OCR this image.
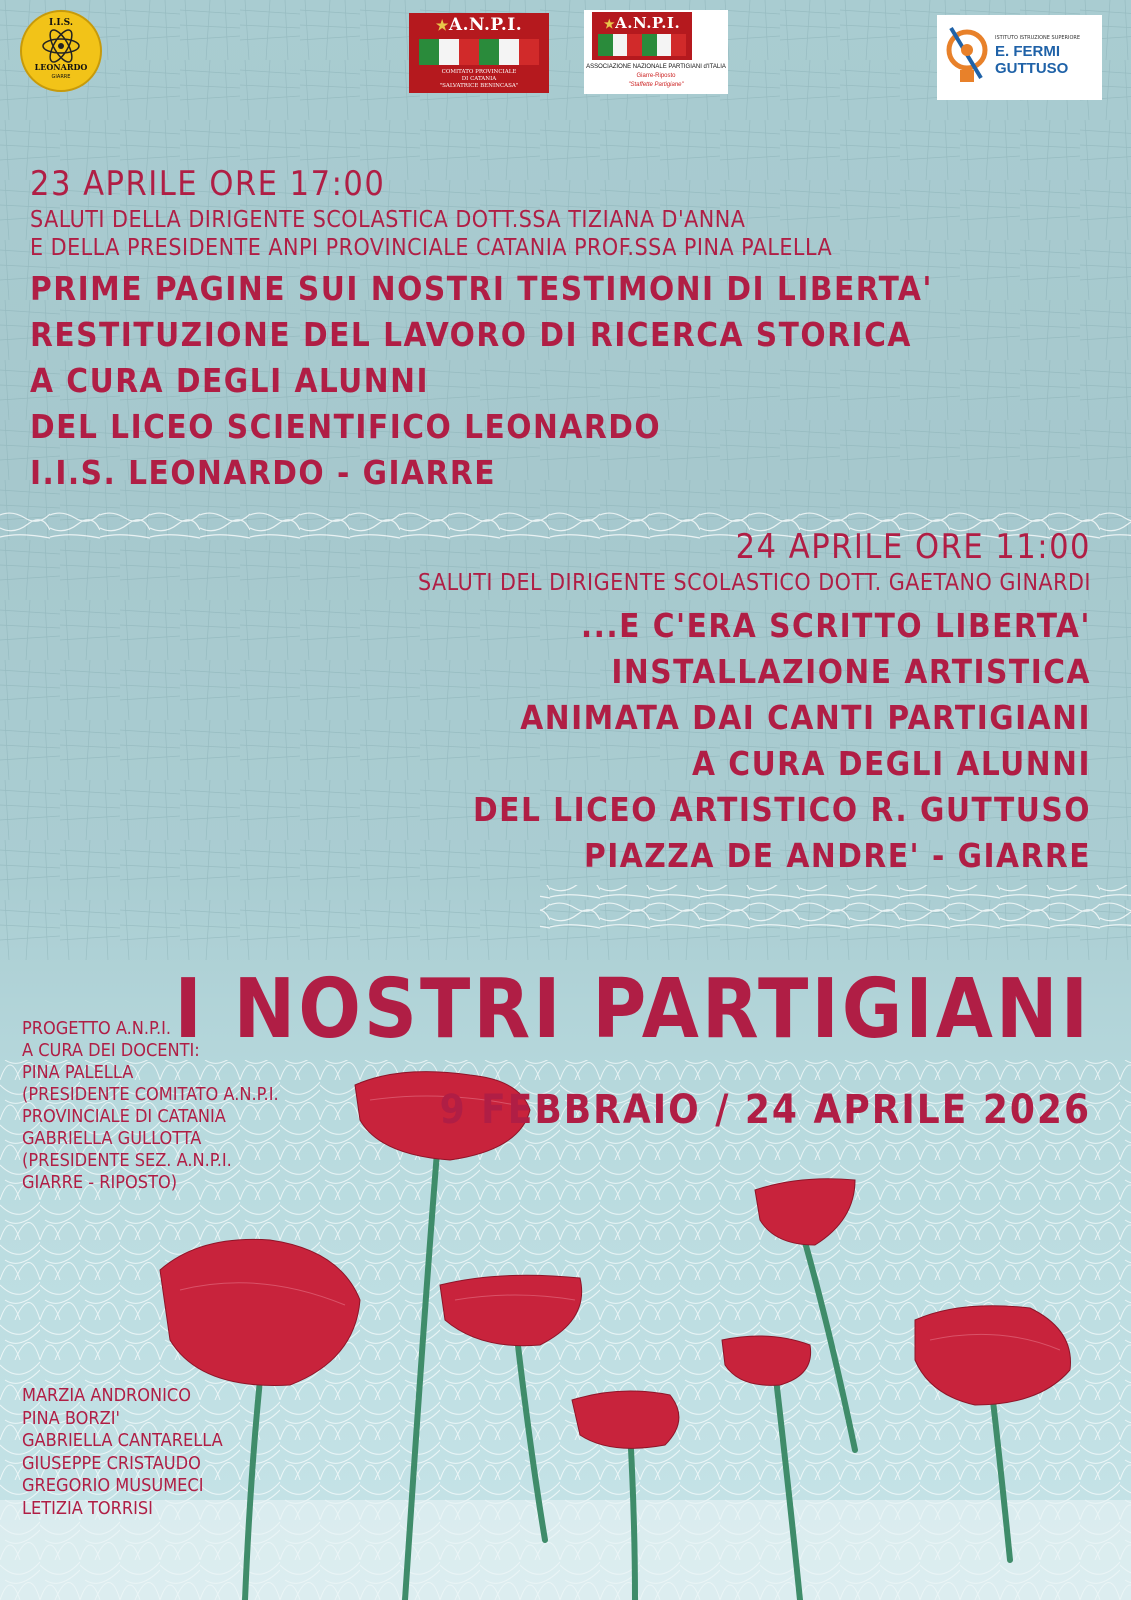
I.I.S.
LEONARDO
GIARRE
★A.N.P.I.
COMITATO PROVINCIALE
DI CATANIA
"SALVATRICE BENINCASA"
★A.N.P.I.
ASSOCIAZIONE NAZIONALE PARTIGIANI d'ITALIA
Giarre-Riposto
"Staffette Partigiane"
ISTITUTO ISTRUZIONE SUPERIORE
E. FERMI
GUTTUSO
23 APRILE ORE 17:00
SALUTI DELLA DIRIGENTE SCOLASTICA DOTT.SSA TIZIANA D'ANNA
E DELLA PRESIDENTE ANPI PROVINCIALE CATANIA PROF.SSA PINA PALELLA
PRIME PAGINE SUI NOSTRI TESTIMONI DI LIBERTA'
RESTITUZIONE DEL LAVORO DI RICERCA STORICA
A CURA DEGLI ALUNNI
DEL LICEO SCIENTIFICO LEONARDO
I.I.S. LEONARDO - GIARRE
24 APRILE ORE 11:00
SALUTI DEL DIRIGENTE SCOLASTICO DOTT. GAETANO GINARDI
...E C'ERA SCRITTO LIBERTA'
INSTALLAZIONE ARTISTICA
ANIMATA DAI CANTI PARTIGIANI
A CURA DEGLI ALUNNI
DEL LICEO ARTISTICO R. GUTTUSO
PIAZZA DE ANDRE' - GIARRE
I NOSTRI PARTIGIANI
9 FEBBRAIO / 24 APRILE 2026
PROGETTO A.N.P.I.
A CURA DEI DOCENTI:
PINA PALELLA
(PRESIDENTE COMITATO A.N.P.I.
PROVINCIALE DI CATANIA
GABRIELLA GULLOTTA
(PRESIDENTE SEZ. A.N.P.I.
GIARRE - RIPOSTO)
MARZIA ANDRONICO
PINA BORZI'
GABRIELLA CANTARELLA
GIUSEPPE CRISTAUDO
GREGORIO MUSUMECI
LETIZIA TORRISI
